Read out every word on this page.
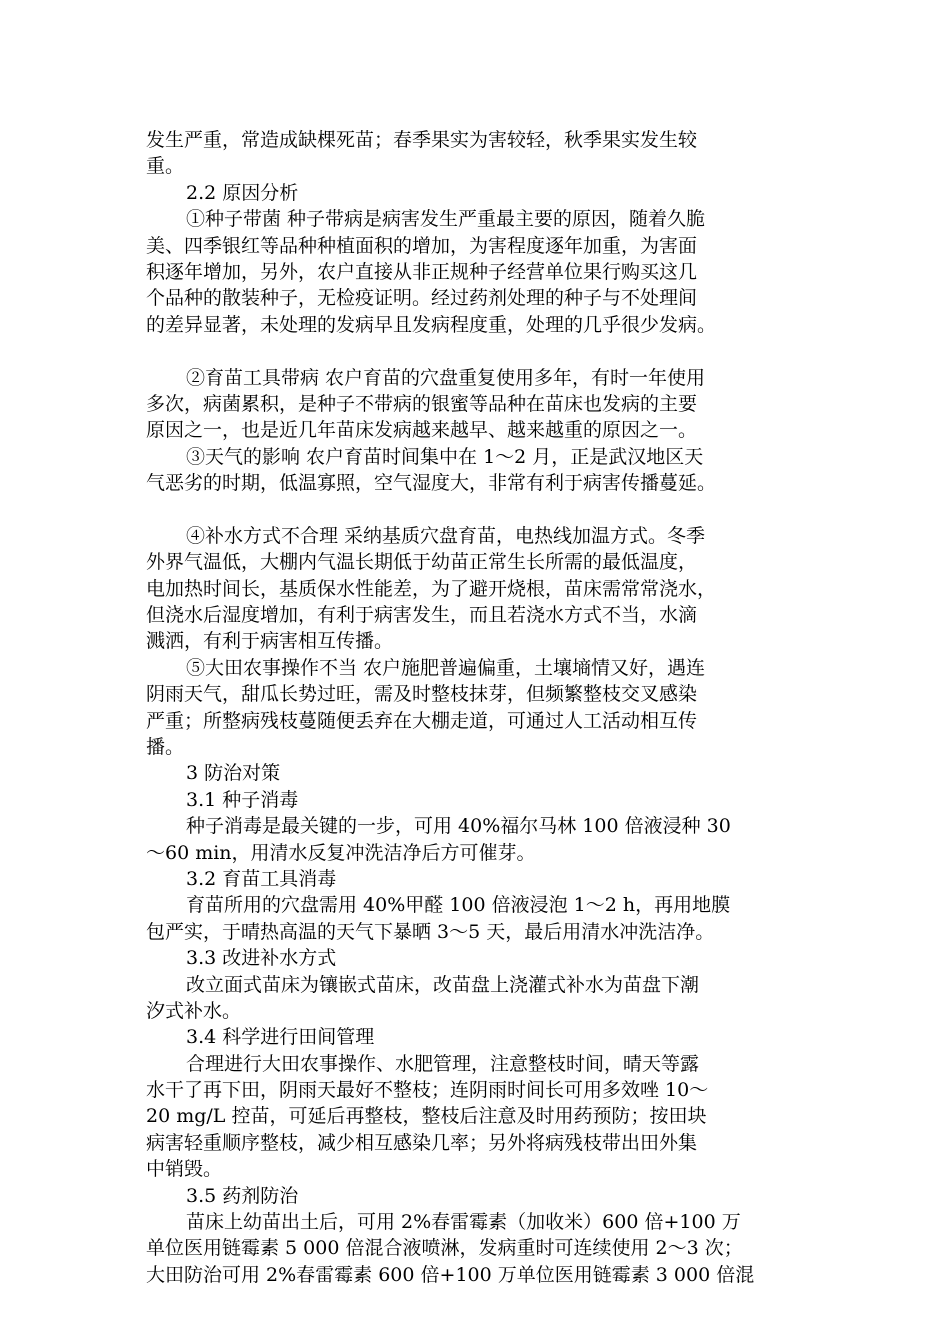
发生严重，常造成缺棵死苗；春季果实为害较轻，秋季果实发生较
重。
2.2 原因分析
①种子带菌 种子带病是病害发生严重最主要的原因，随着久脆
美、四季银红等品种种植面积的增加，为害程度逐年加重，为害面
积逐年增加，另外，农户直接从非正规种子经营单位果行购买这几
个品种的散装种子，无检疫证明。经过药剂处理的种子与不处理间
的差异显著，未处理的发病早且发病程度重，处理的几乎很少发病。
②育苗工具带病 农户育苗的穴盘重复使用多年，有时一年使用
多次，病菌累积，是种子不带病的银蜜等品种在苗床也发病的主要
原因之一，也是近几年苗床发病越来越早、越来越重的原因之一。
③天气的影响 农户育苗时间集中在 1～2 月，正是武汉地区天
气恶劣的时期，低温寡照，空气湿度大，非常有利于病害传播蔓延。
④补水方式不合理 采纳基质穴盘育苗，电热线加温方式。冬季
外界气温低，大棚内气温长期低于幼苗正常生长所需的最低温度，
电加热时间长，基质保水性能差，为了避开烧根，苗床需常常浇水，
但浇水后湿度增加，有利于病害发生，而且若浇水方式不当，水滴
溅洒，有利于病害相互传播。
⑤大田农事操作不当 农户施肥普遍偏重，土壤墒情又好，遇连
阴雨天气，甜瓜长势过旺，需及时整枝抹芽，但频繁整枝交叉感染
严重；所整病残枝蔓随便丢弃在大棚走道，可通过人工活动相互传
播。
3 防治对策
3.1 种子消毒
种子消毒是最关键的一步，可用 40%福尔马林 100 倍液浸种 30
～60 min，用清水反复冲洗洁净后方可催芽。
3.2 育苗工具消毒
育苗所用的穴盘需用 40%甲醛 100 倍液浸泡 1～2 h，再用地膜
包严实，于晴热高温的天气下暴晒 3～5 天，最后用清水冲洗洁净。
3.3 改进补水方式
改立面式苗床为镶嵌式苗床，改苗盘上浇灌式补水为苗盘下潮
汐式补水。
3.4 科学进行田间管理
合理进行大田农事操作、水肥管理，注意整枝时间，晴天等露
水干了再下田，阴雨天最好不整枝；连阴雨时间长可用多效唑 10～
20 mg/L 控苗，可延后再整枝，整枝后注意及时用药预防；按田块
病害轻重顺序整枝，减少相互感染几率；另外将病残枝带出田外集
中销毁。
3.5 药剂防治
苗床上幼苗出土后，可用 2%春雷霉素（加收米）600 倍+100 万
单位医用链霉素 5 000 倍混合液喷淋，发病重时可连续使用 2～3 次；
大田防治可用 2%春雷霉素 600 倍+100 万单位医用链霉素 3 000 倍混
